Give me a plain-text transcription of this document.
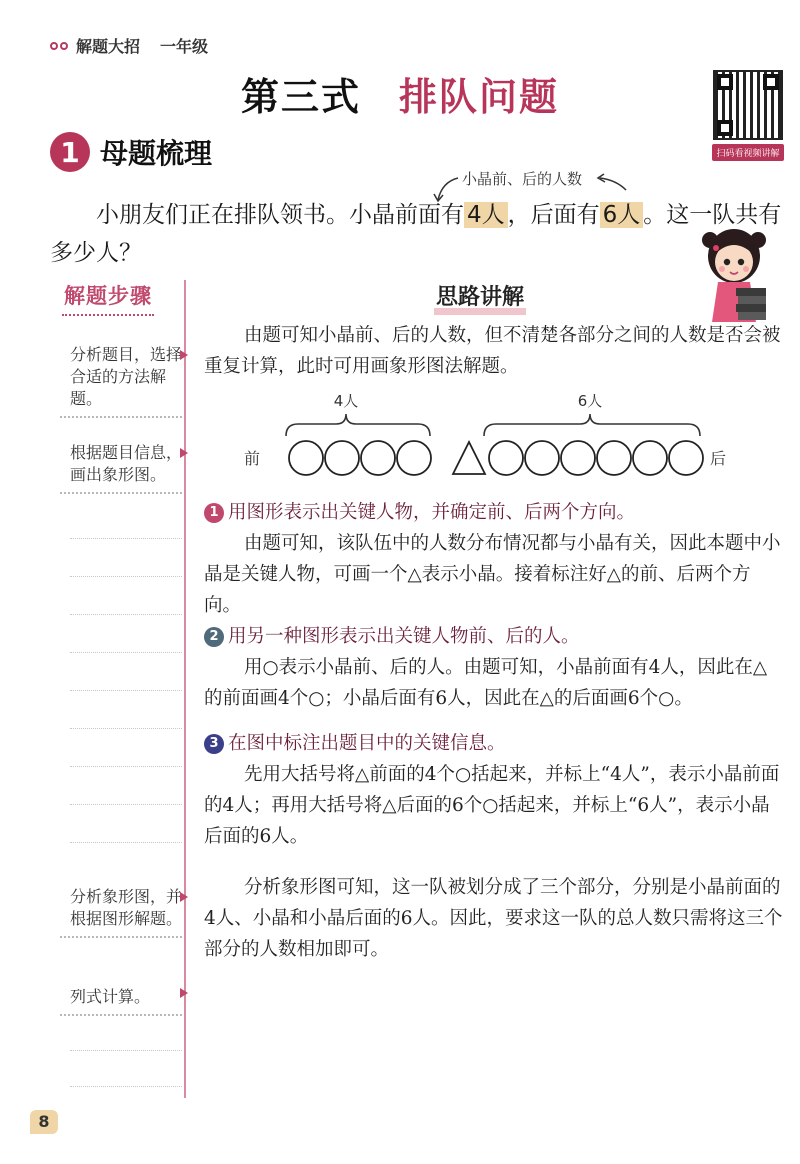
解题大招 一年级
第三式 排队问题
扫码看视频讲解
1 母题梳理
小晶前、后的人数
小朋友们正在排队领书。小晶前面有 4人 ，后面有 6人 。这一队共有多少人？
解题步骤
分析题目，选择合适的方法解题。
根据题目信息，画出象形图。
分析象形图，并根据图形解题。
列式计算。
8
思路讲解

由题可知小晶前、后的人数，但不清楚各部分之间的人数是否会被重复计算，此时可用画象形图法解题。

4人	6人
前	后
1 用图形表示出关键人物，并确定前、后两个方向。

由题可知，该队伍中的人数分布情况都与小晶有关，因此本题中小晶是关键人物，可画一个△表示小晶。接着标注好△的前、后两个方向。

2 用另一种图形表示出关键人物前、后的人。

用○表示小晶前、后的人。由题可知，小晶前面有4人，因此在△的前面画4个○；小晶后面有6人，因此在△的后面画6个○。

3 在图中标注出题目中的关键信息。

先用大括号将△前面的4个○括起来，并标上“4人”，表示小晶前面的4人；再用大括号将△后面的6个○括起来，并标上“6人”，表示小晶后面的6人。

分析象形图可知，这一队被划分成了三个部分，分别是小晶前面的4人、小晶和小晶后面的6人。因此，要求这一队的总人数只需将这三个部分的人数相加即可。
